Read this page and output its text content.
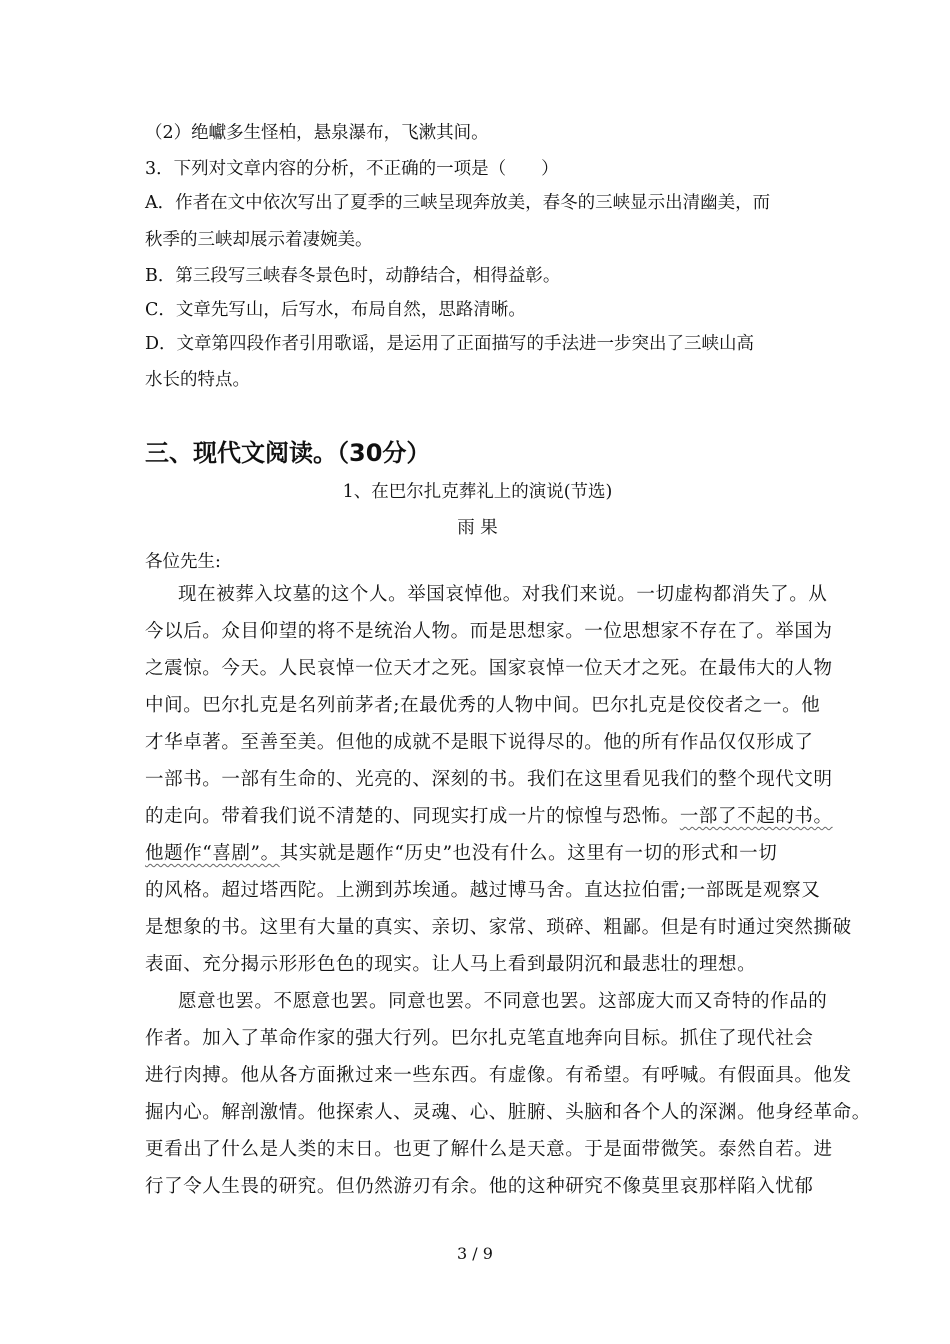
（2）绝巘多生怪柏，悬泉瀑布，飞漱其间。
3．下列对文章内容的分析，不正确的一项是（　　）
A．作者在文中依次写出了夏季的三峡呈现奔放美，春冬的三峡显示出清幽美，而
秋季的三峡却展示着凄婉美。
B．第三段写三峡春冬景色时，动静结合，相得益彰。
C．文章先写山，后写水，布局自然，思路清晰。
D．文章第四段作者引用歌谣，是运用了正面描写的手法进一步突出了三峡山高
水长的特点。
三、现代文阅读。（30分）
1、在巴尔扎克葬礼上的演说(节选)
雨 果
各位先生:
现在被葬入坟墓的这个人。举国哀悼他。对我们来说。一切虚构都消失了。从
今以后。众目仰望的将不是统治人物。而是思想家。一位思想家不存在了。举国为
之震惊。今天。人民哀悼一位天才之死。国家哀悼一位天才之死。在最伟大的人物
中间。巴尔扎克是名列前茅者;在最优秀的人物中间。巴尔扎克是佼佼者之一。他
才华卓著。至善至美。但他的成就不是眼下说得尽的。他的所有作品仅仅形成了
一部书。一部有生命的、光亮的、深刻的书。我们在这里看见我们的整个现代文明
的走向。带着我们说不清楚的、同现实打成一片的惊惶与恐怖。一部了不起的书。
他题作“喜剧”。其实就是题作“历史”也没有什么。这里有一切的形式和一切
的风格。超过塔西陀。上溯到苏埃通。越过博马舍。直达拉伯雷;一部既是观察又
是想象的书。这里有大量的真实、亲切、家常、琐碎、粗鄙。但是有时通过突然撕破
表面、充分揭示形形色色的现实。让人马上看到最阴沉和最悲壮的理想。
愿意也罢。不愿意也罢。同意也罢。不同意也罢。这部庞大而又奇特的作品的
作者。加入了革命作家的强大行列。巴尔扎克笔直地奔向目标。抓住了现代社会
进行肉搏。他从各方面揪过来一些东西。有虚像。有希望。有呼喊。有假面具。他发
掘内心。解剖激情。他探索人、灵魂、心、脏腑、头脑和各个人的深渊。他身经革命。
更看出了什么是人类的末日。也更了解什么是天意。于是面带微笑。泰然自若。进
行了令人生畏的研究。但仍然游刃有余。他的这种研究不像莫里哀那样陷入忧郁
3 / 9
